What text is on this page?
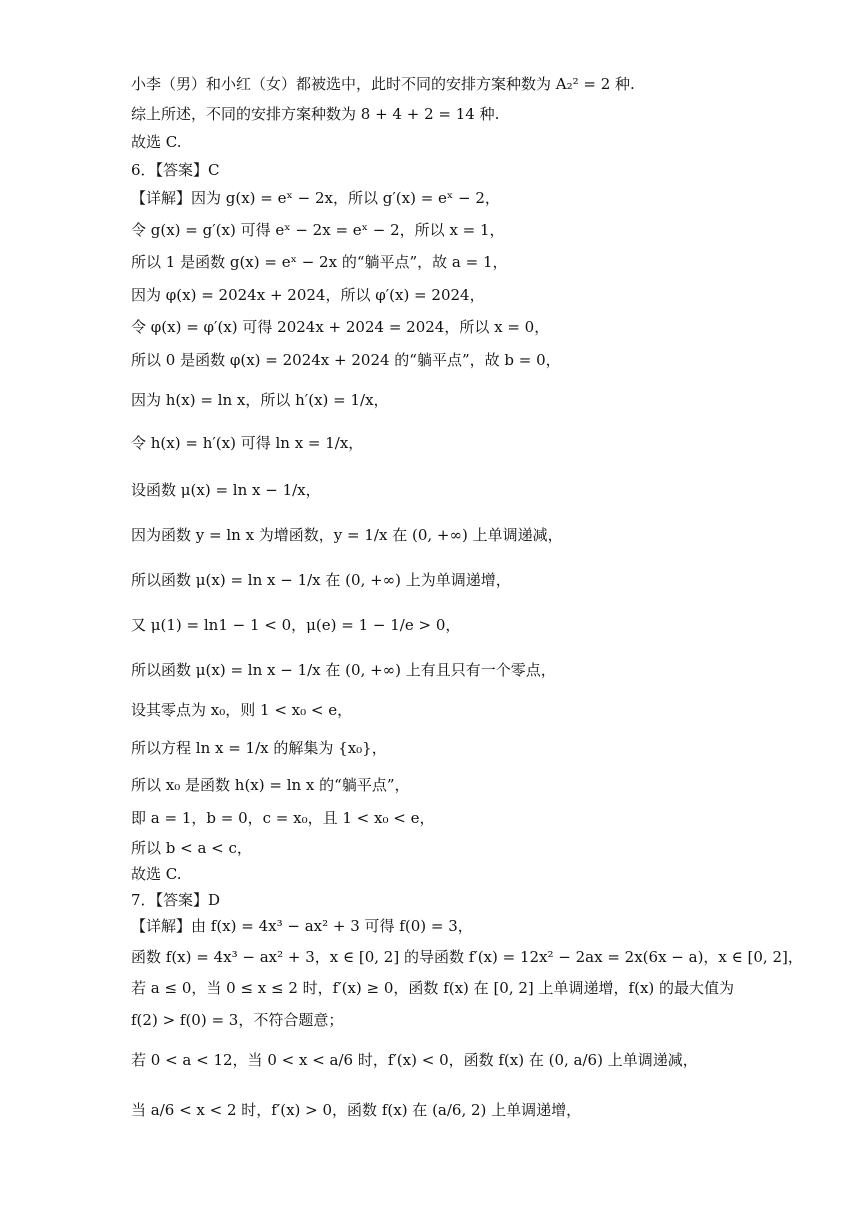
小李（男）和小红（女）都被选中，此时不同的安排方案种数为 A₂² = 2 种.
综上所述，不同的安排方案种数为 8 + 4 + 2 = 14 种.
故选 C.
6．【答案】C
【详解】因为 g(x) = eˣ − 2x，所以 g′(x) = eˣ − 2，
令 g(x) = g′(x) 可得 eˣ − 2x = eˣ − 2，所以 x = 1，
所以 1 是函数 g(x) = eˣ − 2x 的“躺平点”，故 a = 1，
因为 φ(x) = 2024x + 2024，所以 φ′(x) = 2024，
令 φ(x) = φ′(x) 可得 2024x + 2024 = 2024，所以 x = 0，
所以 0 是函数 φ(x) = 2024x + 2024 的“躺平点”，故 b = 0，
因为 h(x) = ln x，所以 h′(x) = 1/x，
令 h(x) = h′(x) 可得 ln x = 1/x，
设函数 μ(x) = ln x − 1/x，
因为函数 y = ln x 为增函数，y = 1/x 在 (0, +∞) 上单调递减，
所以函数 μ(x) = ln x − 1/x 在 (0, +∞) 上为单调递增，
又 μ(1) = ln1 − 1 < 0，μ(e) = 1 − 1/e > 0，
所以函数 μ(x) = ln x − 1/x 在 (0, +∞) 上有且只有一个零点，
设其零点为 x₀，则 1 < x₀ < e，
所以方程 ln x = 1/x 的解集为 {x₀}，
所以 x₀ 是函数 h(x) = ln x 的“躺平点”，
即 a = 1，b = 0，c = x₀，且 1 < x₀ < e，
所以 b < a < c，
故选 C.
7．【答案】D
【详解】由 f(x) = 4x³ − ax² + 3 可得 f(0) = 3，
函数 f(x) = 4x³ − ax² + 3，x ∈ [0, 2] 的导函数 f′(x) = 12x² − 2ax = 2x(6x − a)，x ∈ [0, 2]，
若 a ≤ 0，当 0 ≤ x ≤ 2 时，f′(x) ≥ 0，函数 f(x) 在 [0, 2] 上单调递增，f(x) 的最大值为
f(2) > f(0) = 3，不符合题意；
若 0 < a < 12，当 0 < x < a/6 时，f′(x) < 0，函数 f(x) 在 (0, a/6) 上单调递减，
当 a/6 < x < 2 时，f′(x) > 0，函数 f(x) 在 (a/6, 2) 上单调递增，
